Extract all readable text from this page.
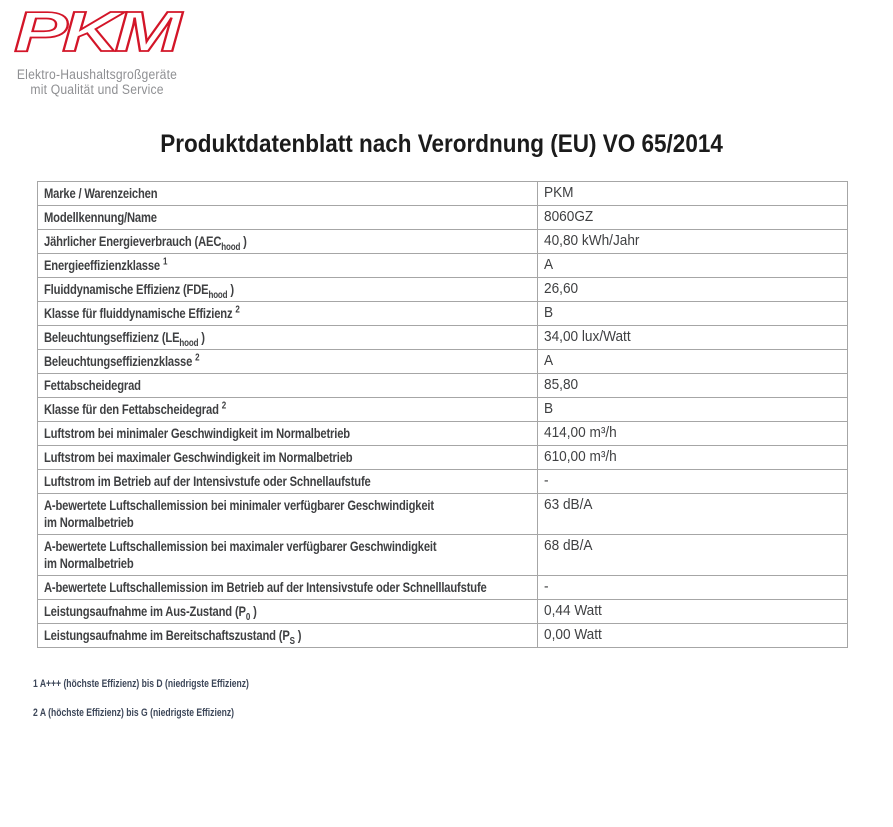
PKM
Elektro-Haushaltsgroßgeräte
mit Qualität und Service
Produktdatenblatt nach Verordnung (EU) VO 65/2014
Marke / Warenzeichen	PKM
Modellkennung/Name	8060GZ
Jährlicher Energieverbrauch ($AEC_{hood}$ )	40,80 kWh/Jahr
Energieeffizienzklasse $^1$	A
Fluiddynamische Effizienz ($FDE_{hood}$ )	26,60
Klasse für fluiddynamische Effizienz $^2$	B
Beleuchtungseffizienz ($LE_{hood}$ )	34,00 lux/Watt
Beleuchtungseffizienzklasse $^2$	A
Fettabscheidegrad	85,80
Klasse für den Fettabscheidegrad $^2$	B
Luftstrom bei minimaler Geschwindigkeit im Normalbetrieb	414,00 m³/h
Luftstrom bei maximaler Geschwindigkeit im Normalbetrieb	610,00 m³/h
Luftstrom im Betrieb auf der Intensivstufe oder Schnellaufstufe	-
A-bewertete Luftschallemission bei minimaler verfügbarer Geschwindigkeit
im Normalbetrieb	63 dB/A
A-bewertete Luftschallemission bei maximaler verfügbarer Geschwindigkeit
im Normalbetrieb	68 dB/A
A-bewertete Luftschallemission im Betrieb auf der Intensivstufe oder Schnelllaufstufe	-
Leistungsaufnahme im Aus-Zustand ($P_0$ )	0,44 Watt
Leistungsaufnahme im Bereitschaftszustand ($P_S$ )	0,00 Watt
1 A+++ (höchste Effizienz) bis D (niedrigste Effizienz)
2 A (höchste Effizienz) bis G (niedrigste Effizienz)
